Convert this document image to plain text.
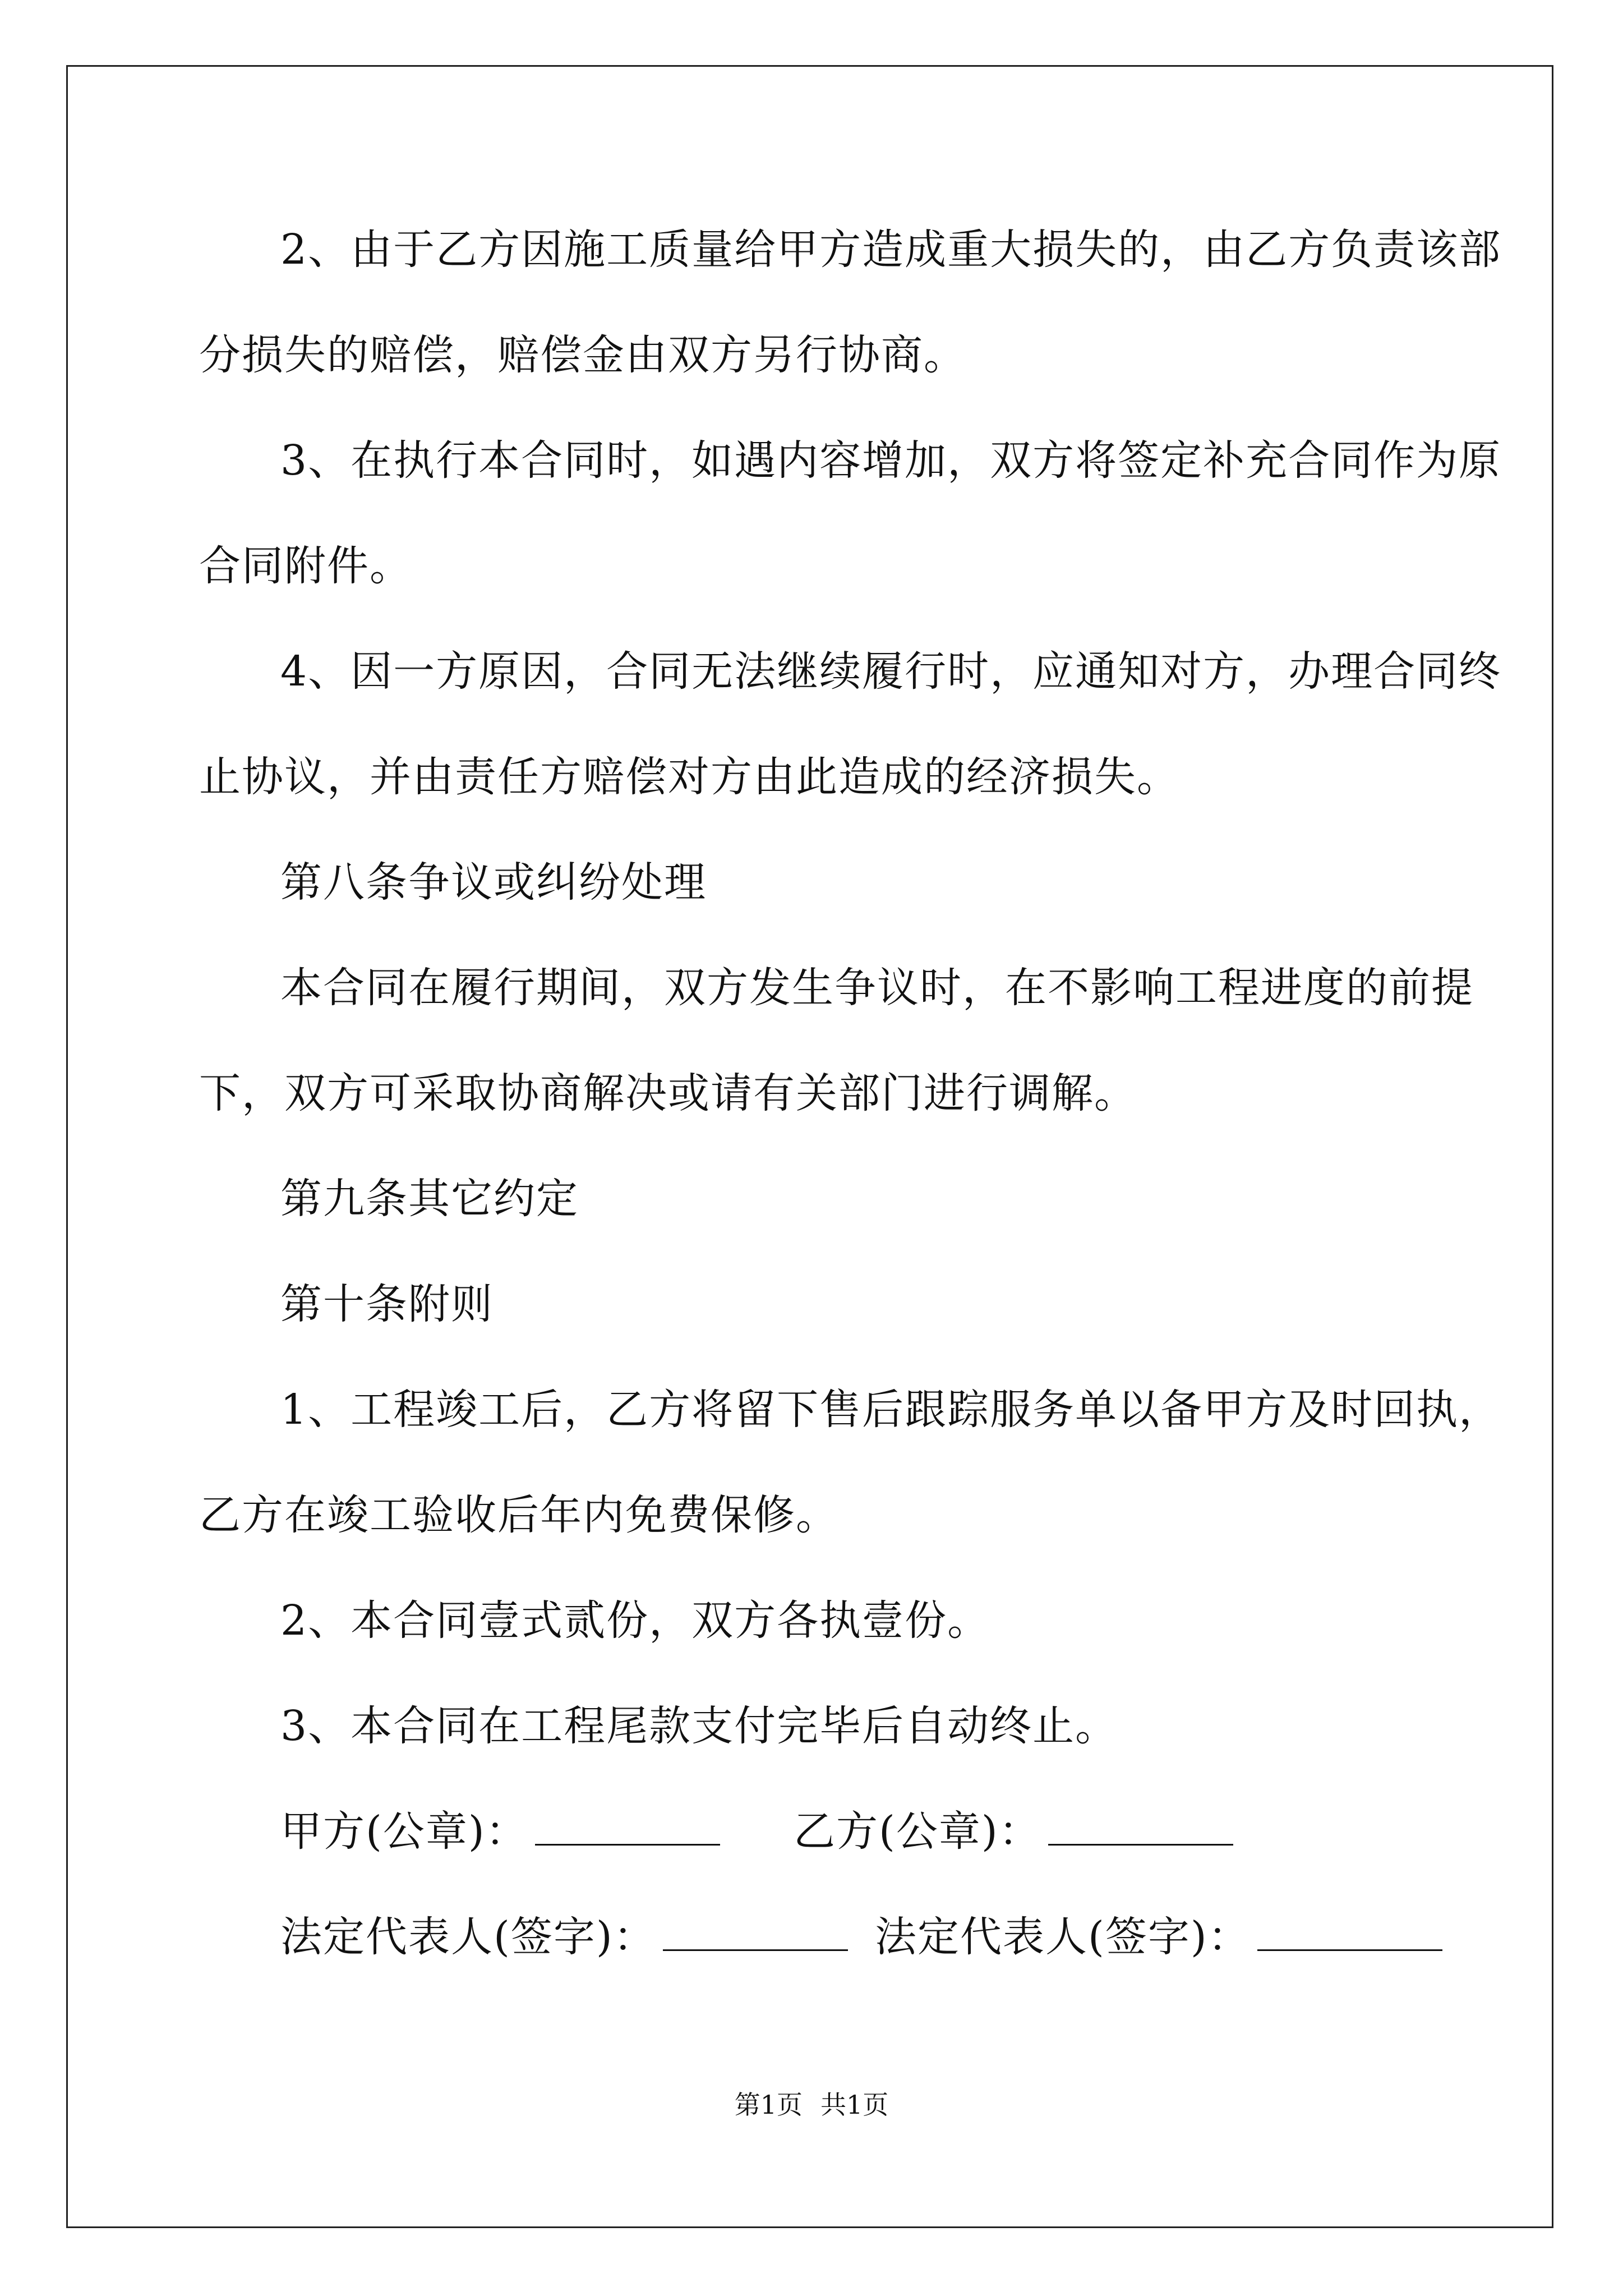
2、由于乙方因施工质量给甲方造成重大损失的，由乙方负责该部
分损失的赔偿，赔偿金由双方另行协商。
3、在执行本合同时，如遇内容增加，双方将签定补充合同作为原
合同附件。
4、因一方原因，合同无法继续履行时，应通知对方，办理合同终
止协议，并由责任方赔偿对方由此造成的经济损失。
第八条争议或纠纷处理
本合同在履行期间，双方发生争议时，在不影响工程进度的前提
下，双方可采取协商解决或请有关部门进行调解。
第九条其它约定
第十条附则
1、工程竣工后，乙方将留下售后跟踪服务单以备甲方及时回执，
乙方在竣工验收后年内免费保修。
2、本合同壹式贰份，双方各执壹份。
3、本合同在工程尾款支付完毕后自动终止。
甲方(公章)：	乙方(公章)：
法定代表人(签字)：	法定代表人(签字)：
第1页 共1页
